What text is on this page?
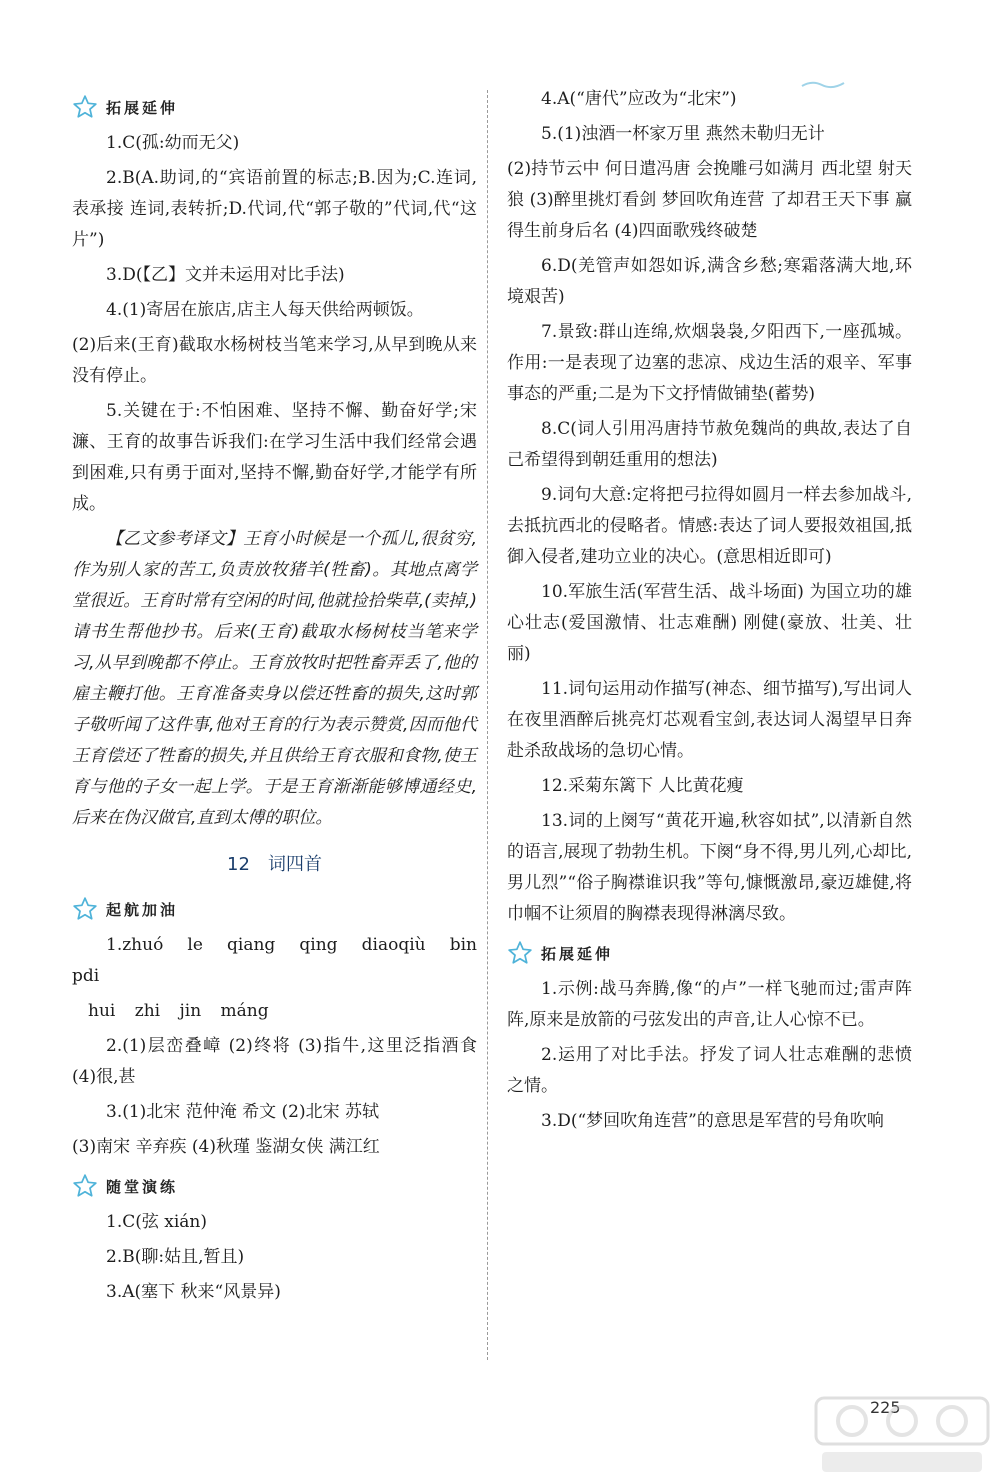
拓展延伸

1.C(孤:幼而无父)

2.B(A.助词,的“宾语前置的标志;B.因为;C.连词,表承接 连词,表转折;D.代词,代“郭子敬的”代词,代“这片”)

3.D(【乙】文并未运用对比手法)

4.(1)寄居在旅店,店主人每天供给两顿饭。

(2)后来(王育)截取水杨树枝当笔来学习,从早到晚从来没有停止。

5.关键在于:不怕困难、坚持不懈、勤奋好学;宋濂、王育的故事告诉我们:在学习生活中我们经常会遇到困难,只有勇于面对,坚持不懈,勤奋好学,才能学有所成。

【乙文参考译文】王育小时候是一个孤儿,很贫穷,作为别人家的苦工,负责放牧猪羊(牲畜)。其地点离学堂很近。王育时常有空闲的时间,他就捡拾柴草,(卖掉,)请书生帮他抄书。后来(王育)截取水杨树枝当笔来学习,从早到晚都不停止。王育放牧时把牲畜弄丢了,他的雇主鞭打他。王育准备卖身以偿还牲畜的损失,这时郭子敬听闻了这件事,他对王育的行为表示赞赏,因而他代王育偿还了牲畜的损失,并且供给王育衣服和食物,使王育与他的子女一起上学。于是王育渐渐能够博通经史,后来在伪汉做官,直到太傅的职位。

12 词四首
起航加油

1.zhuó le qiang qing diaoqiù bin pdi

hui zhi jin máng

2.(1)层峦叠嶂 (2)终将 (3)指牛,这里泛指酒食 (4)很,甚

3.(1)北宋 范仲淹 希文 (2)北宋 苏轼

(3)南宋 辛弃疾 (4)秋瑾 鉴湖女侠 满江红

随堂演练

1.C(弦 xián)

2.B(聊:姑且,暂且)

3.A(塞下 秋来“风景异)

4.A(“唐代”应改为“北宋”)

5.(1)浊酒一杯家万里 燕然未勒归无计

(2)持节云中 何日遣冯唐 会挽雕弓如满月 西北望 射天狼 (3)醉里挑灯看剑 梦回吹角连营 了却君王天下事 赢得生前身后名 (4)四面歌残终破楚

6.D(羌管声如怨如诉,满含乡愁;寒霜落满大地,环境艰苦)

7.景致:群山连绵,炊烟袅袅,夕阳西下,一座孤城。作用:一是表现了边塞的悲凉、戍边生活的艰辛、军事事态的严重;二是为下文抒情做铺垫(蓄势)

8.C(词人引用冯唐持节赦免魏尚的典故,表达了自己希望得到朝廷重用的想法)

9.词句大意:定将把弓拉得如圆月一样去参加战斗,去抵抗西北的侵略者。情感:表达了词人要报效祖国,抵御入侵者,建功立业的决心。(意思相近即可)

10.军旅生活(军营生活、战斗场面) 为国立功的雄心壮志(爱国激情、壮志难酬) 刚健(豪放、壮美、壮丽)

11.词句运用动作描写(神态、细节描写),写出词人在夜里酒醉后挑亮灯芯观看宝剑,表达词人渴望早日奔赴杀敌战场的急切心情。

12.采菊东篱下 人比黄花瘦

13.词的上阕写“黄花开遍,秋容如拭”,以清新自然的语言,展现了勃勃生机。下阕“身不得,男儿列,心却比,男儿烈”“俗子胸襟谁识我”等句,慷慨激昂,豪迈雄健,将巾帼不让须眉的胸襟表现得淋漓尽致。

拓展延伸

1.示例:战马奔腾,像“的卢”一样飞驰而过;雷声阵阵,原来是放箭的弓弦发出的声音,让人心惊不已。

2.运用了对比手法。抒发了词人壮志难酬的悲愤之情。

3.D(“梦回吹角连营”的意思是军营的号角吹响

225
